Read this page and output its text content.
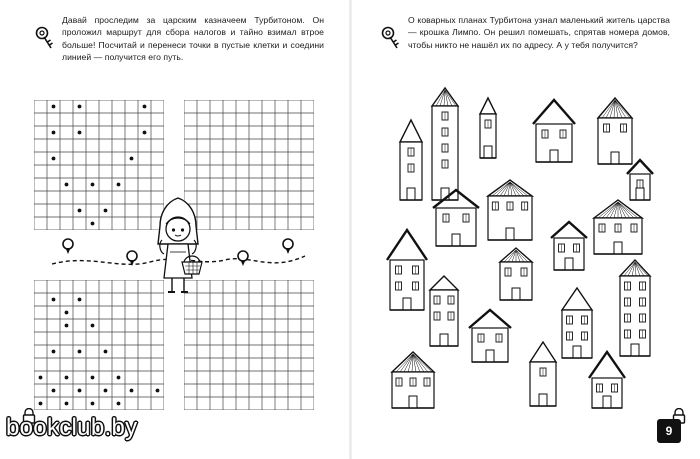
Давай проследим за царским казначеем Турбитоном. Он проложил маршрут для сбора налогов и тайно взимал втрое больше! Посчитай и перенеси точки в пустые клетки и соедини линией — получится его путь.

О коварных планах Турбитона узнал маленький житель царства — крошка Лимпо. Он решил помешать, спрятав номера домов, чтобы никто не нашёл их по адресу. А у тебя получится?

bookclub.by	9
